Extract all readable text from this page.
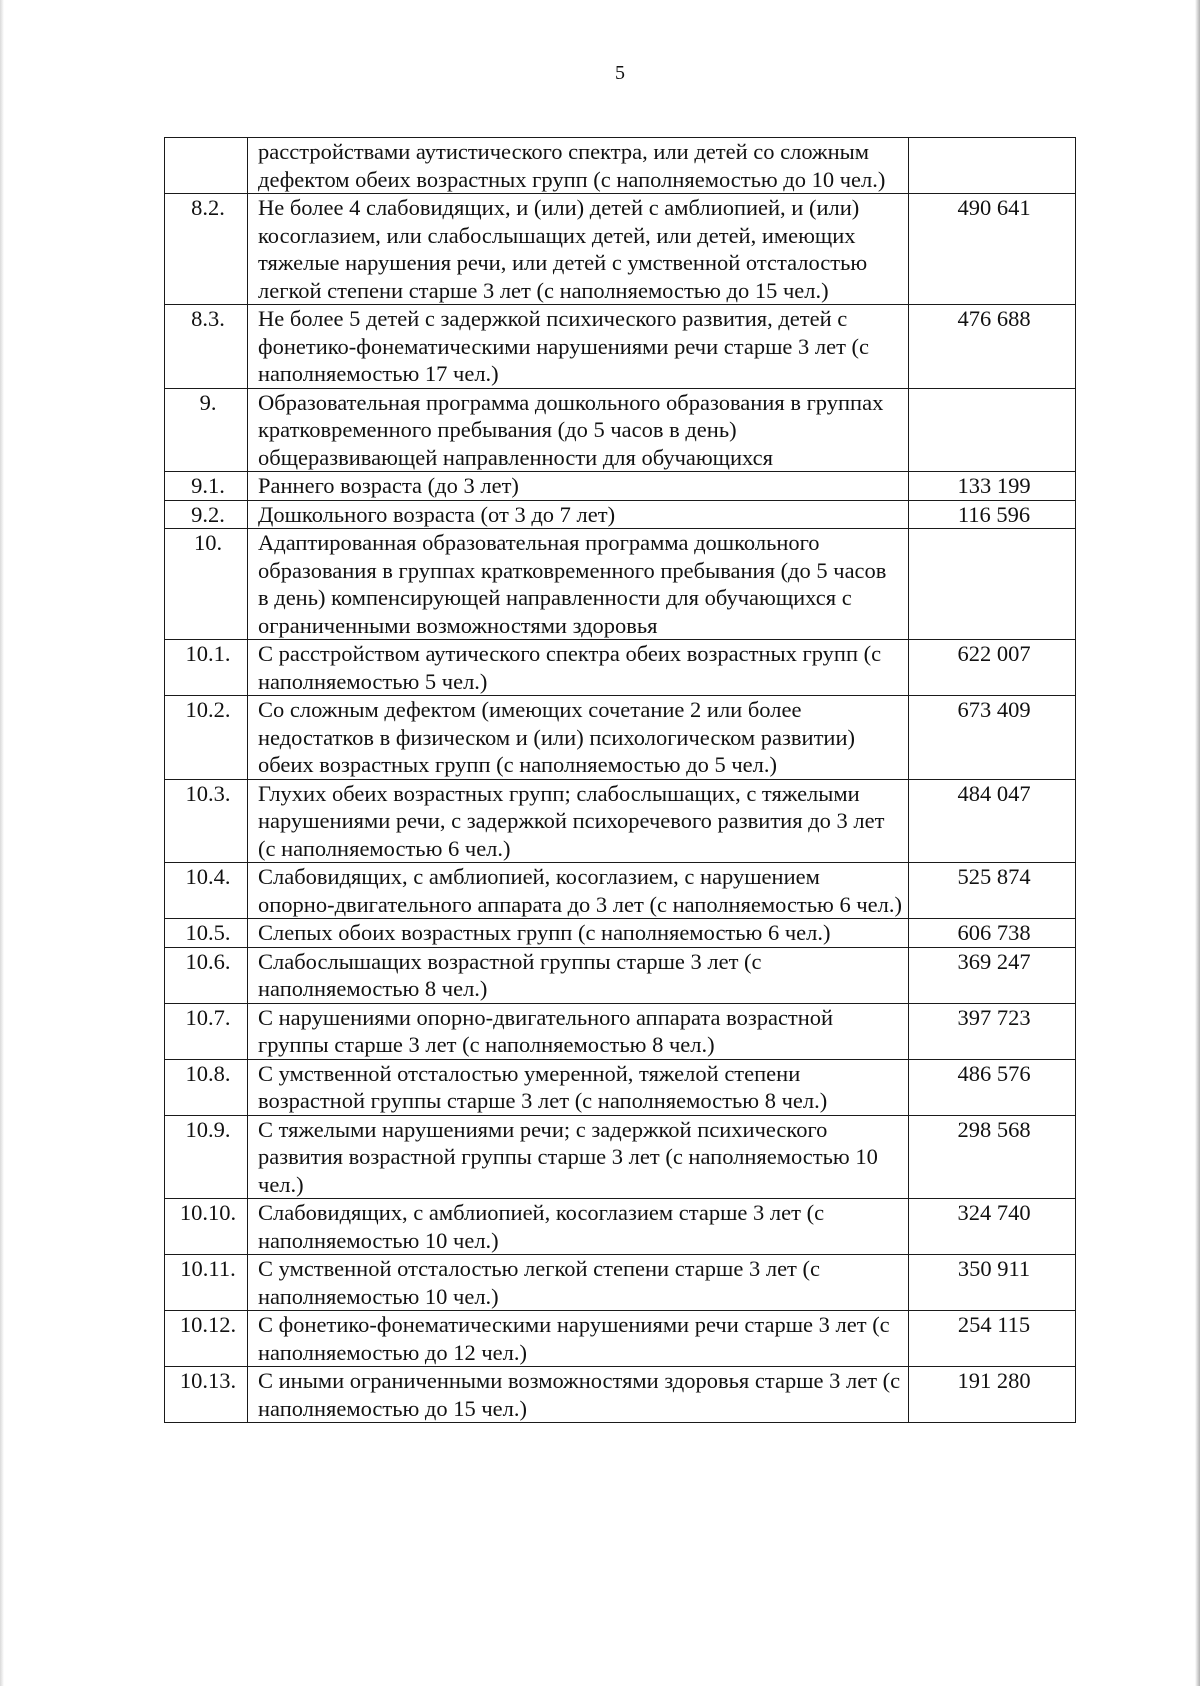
5
	расстройствами аутистического спектра, или детей со сложным дефектом обеих возрастных групп (с наполняемостью до 10 чел.)	
8.2.	Не более 4 слабовидящих, и (или) детей с амблиопией, и (или) косоглазием, или слабослышащих детей, или детей, имеющих тяжелые нарушения речи, или детей с умственной отсталостью легкой степени старше 3 лет (с наполняемостью до 15 чел.)	490 641
8.3.	Не более 5 детей с задержкой психического развития, детей с фонетико-фонематическими нарушениями речи старше 3 лет (с наполняемостью 17 чел.)	476 688
9.	Образовательная программа дошкольного образования в группах кратковременного пребывания (до 5 часов в день) общеразвивающей направленности для обучающихся	
9.1.	Раннего возраста (до 3 лет)	133 199
9.2.	Дошкольного возраста (от 3 до 7 лет)	116 596
10.	Адаптированная образовательная программа дошкольного образования в группах кратковременного пребывания (до 5 часов в день) компенсирующей направленности для обучающихся с ограниченными возможностями здоровья	
10.1.	С расстройством аутического спектра обеих возрастных групп (с наполняемостью 5 чел.)	622 007
10.2.	Со сложным дефектом (имеющих сочетание 2 или более недостатков в физическом и (или) психологическом развитии) обеих возрастных групп (с наполняемостью до 5 чел.)	673 409
10.3.	Глухих обеих возрастных групп; слабослышащих, с тяжелыми нарушениями речи, с задержкой психоречевого развития до 3 лет (с наполняемостью 6 чел.)	484 047
10.4.	Слабовидящих, с амблиопией, косоглазием, с нарушением опорно-двигательного аппарата до 3 лет (с наполняемостью 6 чел.)	525 874
10.5.	Слепых обоих возрастных групп (с наполняемостью 6 чел.)	606 738
10.6.	Слабослышащих возрастной группы старше 3 лет (с наполняемостью 8 чел.)	369 247
10.7.	С нарушениями опорно-двигательного аппарата возрастной группы старше 3 лет (с наполняемостью 8 чел.)	397 723
10.8.	С умственной отсталостью умеренной, тяжелой степени возрастной группы старше 3 лет (с наполняемостью 8 чел.)	486 576
10.9.	С тяжелыми нарушениями речи; с задержкой психического развития возрастной группы старше 3 лет (с наполняемостью 10 чел.)	298 568
10.10.	Слабовидящих, с амблиопией, косоглазием старше 3 лет (с наполняемостью 10 чел.)	324 740
10.11.	С умственной отсталостью легкой степени старше 3 лет (с наполняемостью 10 чел.)	350 911
10.12.	С фонетико-фонематическими нарушениями речи старше 3 лет (с наполняемостью до 12 чел.)	254 115
10.13.	С иными ограниченными возможностями здоровья старше 3 лет (с наполняемостью до 15 чел.)	191 280
